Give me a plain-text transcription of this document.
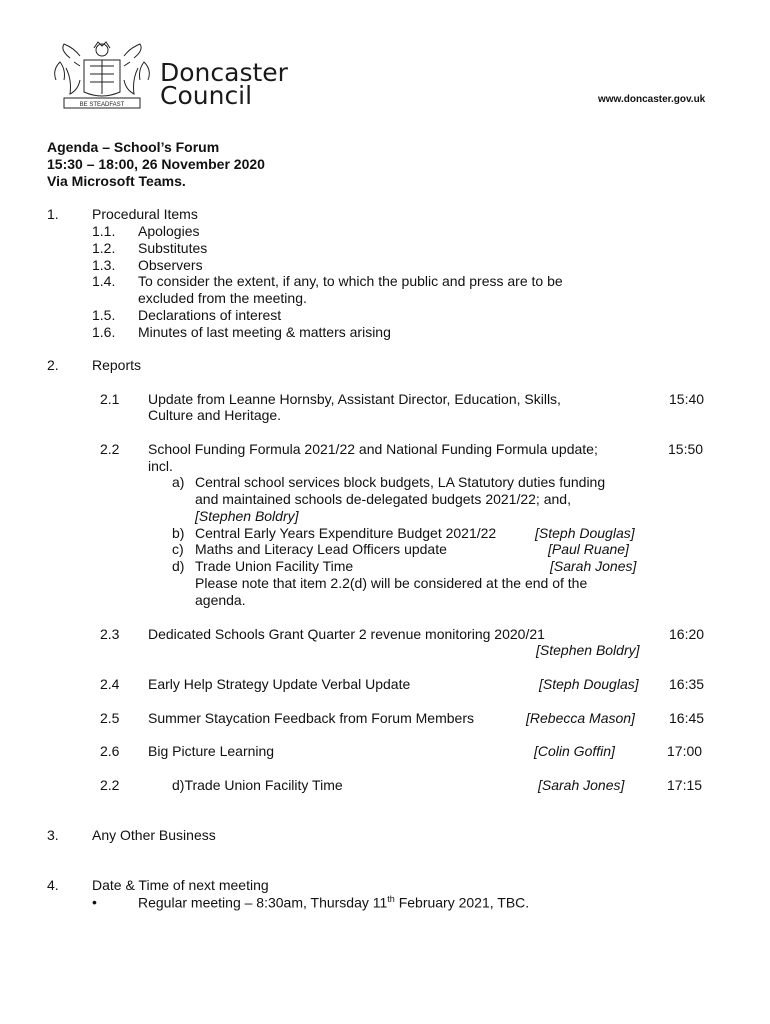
BE STEADFAST
Doncaster
Council	www.doncaster.gov.uk
Agenda – School’s Forum
15:30 – 18:00, 26 November 2020
Via Microsoft Teams.
1. Procedural Items
1.1. Apologies
1.2. Substitutes
1.3. Observers
1.4. To consider the extent, if any, to which the public and press are to be
excluded from the meeting.
1.5. Declarations of interest
1.6. Minutes of last meeting & matters arising
2. Reports
2.1 Update from Leanne Hornsby, Assistant Director, Education, Skills,
Culture and Heritage.
15:40
2.2 School Funding Formula 2021/22 and National Funding Formula update;
incl.
15:50
a) Central school services block budgets, LA Statutory duties funding
and maintained schools de-delegated budgets 2021/22; and,
[Stephen Boldry]
b) Central Early Years Expenditure Budget 2021/22	[Steph Douglas]
c) Maths and Literacy Lead Officers update	[Paul Ruane]
d) Trade Union Facility Time	[Sarah Jones]
Please note that item 2.2(d) will be considered at the end of the
agenda.
2.3 Dedicated Schools Grant Quarter 2 revenue monitoring 2020/21
[Stephen Boldry]
16:20
2.4 Early Help Strategy Update Verbal Update	[Steph Douglas] 16:35
2.5 Summer Staycation Feedback from Forum Members	[Rebecca Mason] 16:45
2.6 Big Picture Learning	[Colin Goffin]	17:00
2.2	d)Trade Union Facility Time	[Sarah Jones]	17:15
3. Any Other Business
4. Date & Time of next meeting
•	Regular meeting – 8:30am, Thursday 11th February 2021, TBC.
